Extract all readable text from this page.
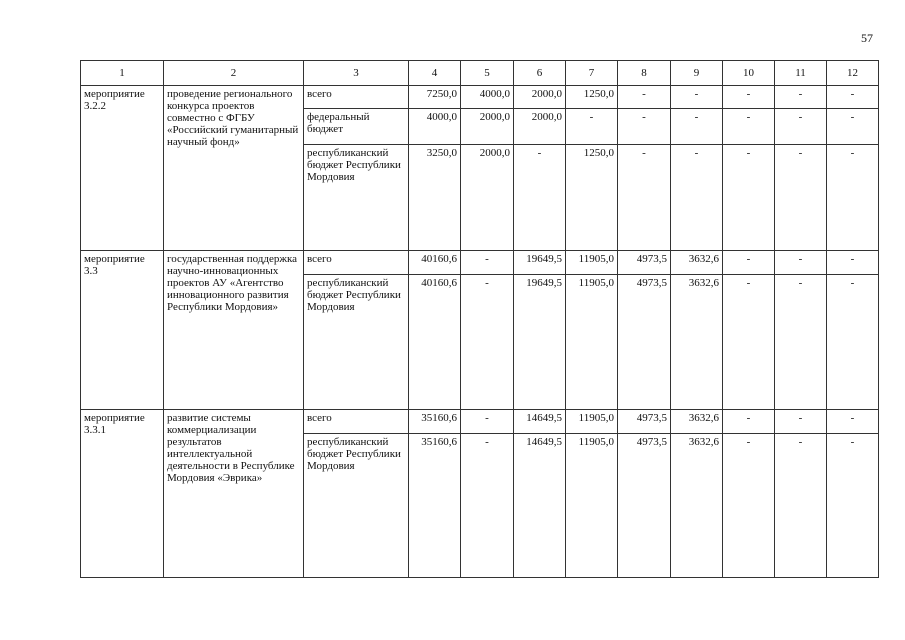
57
1	2	3	4	5	6	7	8	9	10	11	12
мероприятие 3.2.2	проведение регионального конкурса проектов совместно с ФГБУ «Российский гуманитарный научный фонд»	всего	7250,0	4000,0	2000,0	1250,0	-	-	-	-	-
		федеральный бюджет	4000,0	2000,0	2000,0	-	-	-	-	-	-
		республиканский бюджет Республики Мордовия	3250,0	2000,0	-	1250,0	-	-	-	-	-
мероприятие 3.3	государственная поддержка научно-инновационных проектов АУ «Агентство инновационного развития Республики Мордовия»	всего	40160,6	-	19649,5	11905,0	4973,5	3632,6	-	-	-
		республиканский бюджет Республики Мордовия	40160,6	-	19649,5	11905,0	4973,5	3632,6	-	-	-
мероприятие 3.3.1	развитие системы коммерциализации результатов интеллектуальной деятельности в Республике Мордовия «Эврика»	всего	35160,6	-	14649,5	11905,0	4973,5	3632,6	-	-	-
		республиканский бюджет Республики Мордовия	35160,6	-	14649,5	11905,0	4973,5	3632,6	-	-	-
